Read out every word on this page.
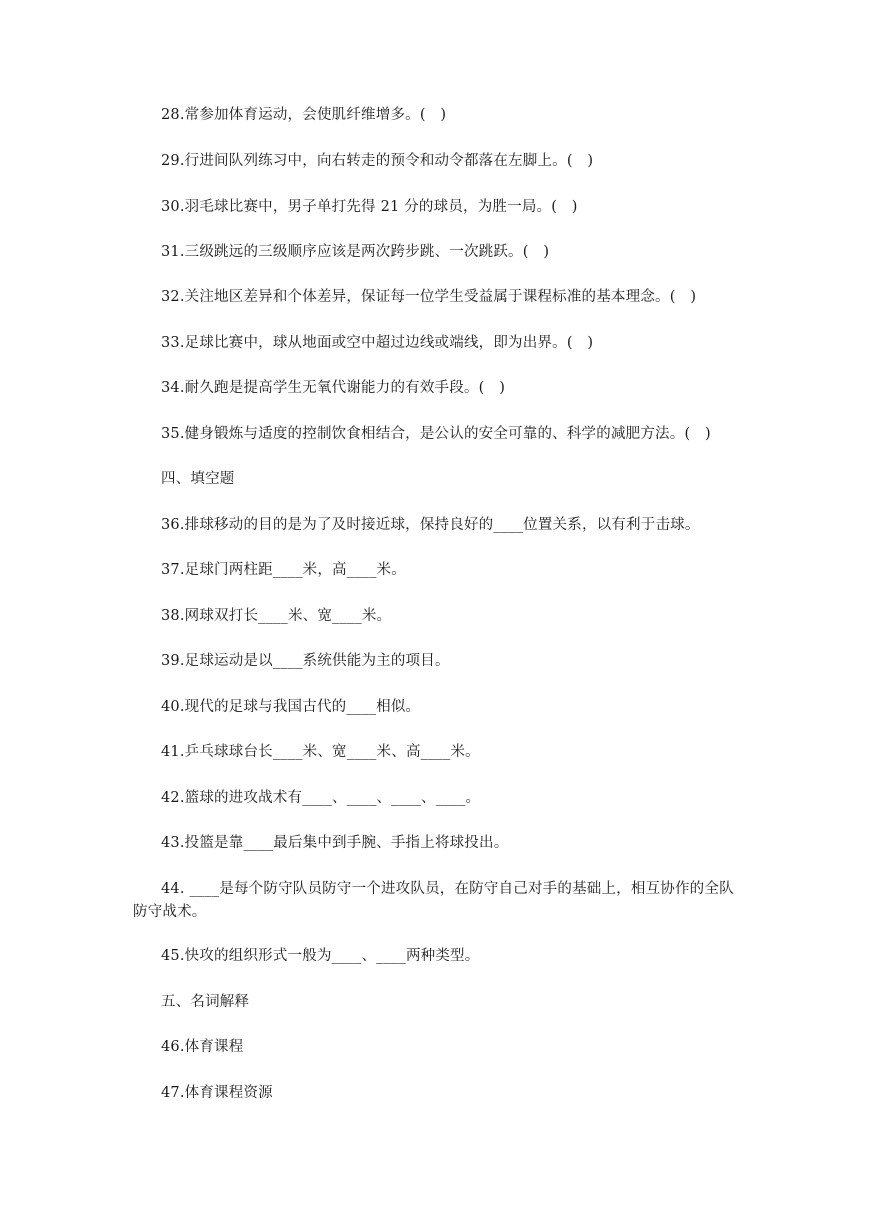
28.常参加体育运动，会使肌纤维增多。(　)
29.行进间队列练习中，向右转走的预令和动令都落在左脚上。(　)
30.羽毛球比赛中，男子单打先得 21 分的球员，为胜一局。(　)
31.三级跳远的三级顺序应该是两次跨步跳、一次跳跃。(　)
32.关注地区差异和个体差异，保证每一位学生受益属于课程标准的基本理念。(　)
33.足球比赛中，球从地面或空中超过边线或端线，即为出界。(　)
34.耐久跑是提高学生无氧代谢能力的有效手段。(　)
35.健身锻炼与适度的控制饮食相结合，是公认的安全可靠的、科学的减肥方法。(　)
四、填空题
36.排球移动的目的是为了及时接近球，保持良好的____位置关系，以有利于击球。
37.足球门两柱距____米，高____米。
38.网球双打长____米、宽____米。
39.足球运动是以____系统供能为主的项目。
40.现代的足球与我国古代的____相似。
41.乒乓球球台长____米、宽____米、高____米。
42.篮球的进攻战术有____、____、____、____。
43.投篮是靠____最后集中到手腕、手指上将球投出。
44. ____是每个防守队员防守一个进攻队员，在防守自己对手的基础上，相互协作的全队防守战术。
45.快攻的组织形式一般为____、____两种类型。
五、名词解释
46.体育课程
47.体育课程资源
